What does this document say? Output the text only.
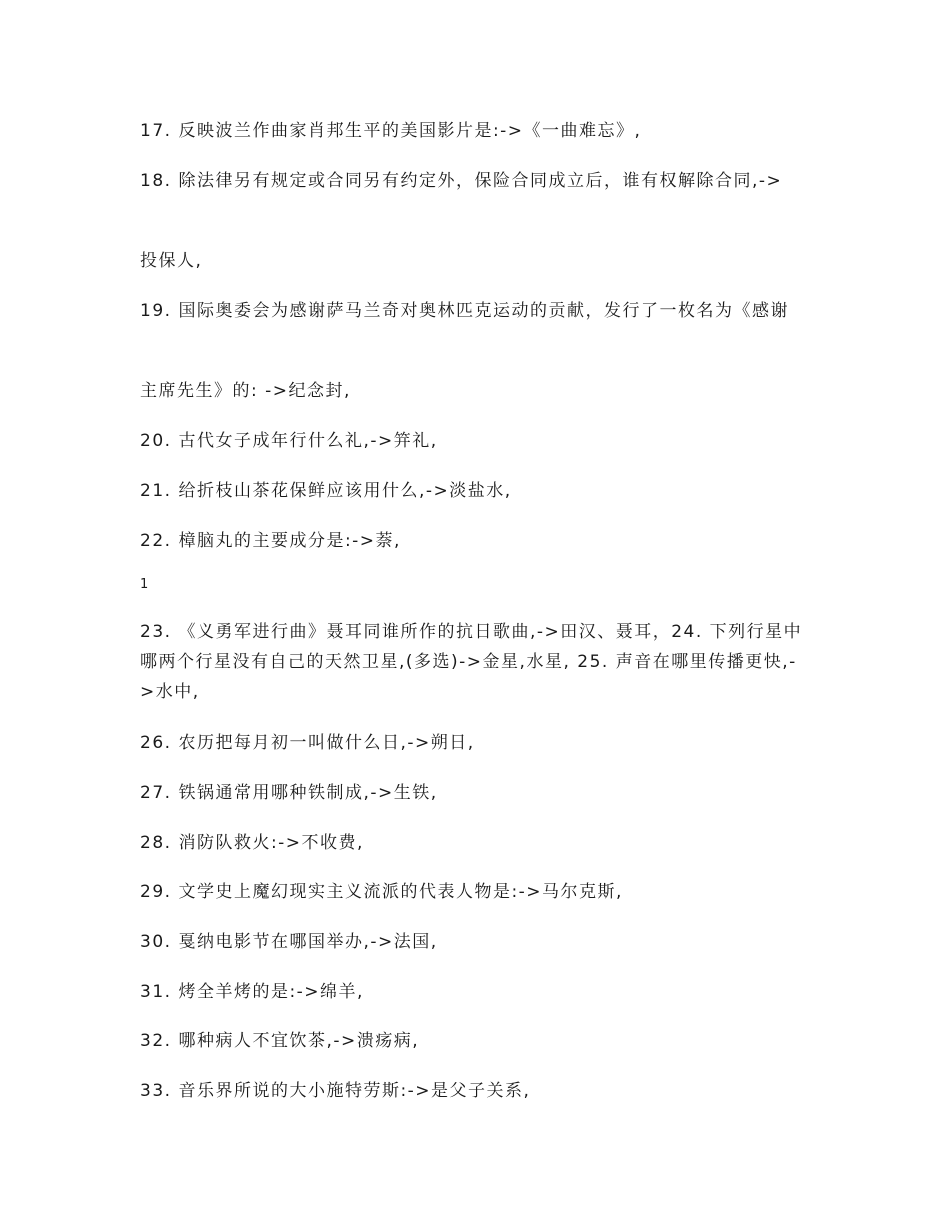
17. 反映波兰作曲家肖邦生平的美国影片是:->《一曲难忘》,

18. 除法律另有规定或合同另有约定外，保险合同成立后，谁有权解除合同,->

投保人,

19. 国际奥委会为感谢萨马兰奇对奥林匹克运动的贡献，发行了一枚名为《感谢

主席先生》的: ->纪念封,

20. 古代女子成年行什么礼,->笄礼,

21. 给折枝山茶花保鲜应该用什么,->淡盐水,

22. 樟脑丸的主要成分是:->萘,

1

23. 《义勇军进行曲》聂耳同谁所作的抗日歌曲,->田汉、聂耳，24. 下列行星中哪两个行星没有自己的天然卫星,(多选)->金星,水星, 25. 声音在哪里传播更快,->水中,

26. 农历把每月初一叫做什么日,->朔日,

27. 铁锅通常用哪种铁制成,->生铁,

28. 消防队救火:->不收费,

29. 文学史上魔幻现实主义流派的代表人物是:->马尔克斯,

30. 戛纳电影节在哪国举办,->法国,

31. 烤全羊烤的是:->绵羊,

32. 哪种病人不宜饮茶,->溃疡病,

33. 音乐界所说的大小施特劳斯:->是父子关系,
